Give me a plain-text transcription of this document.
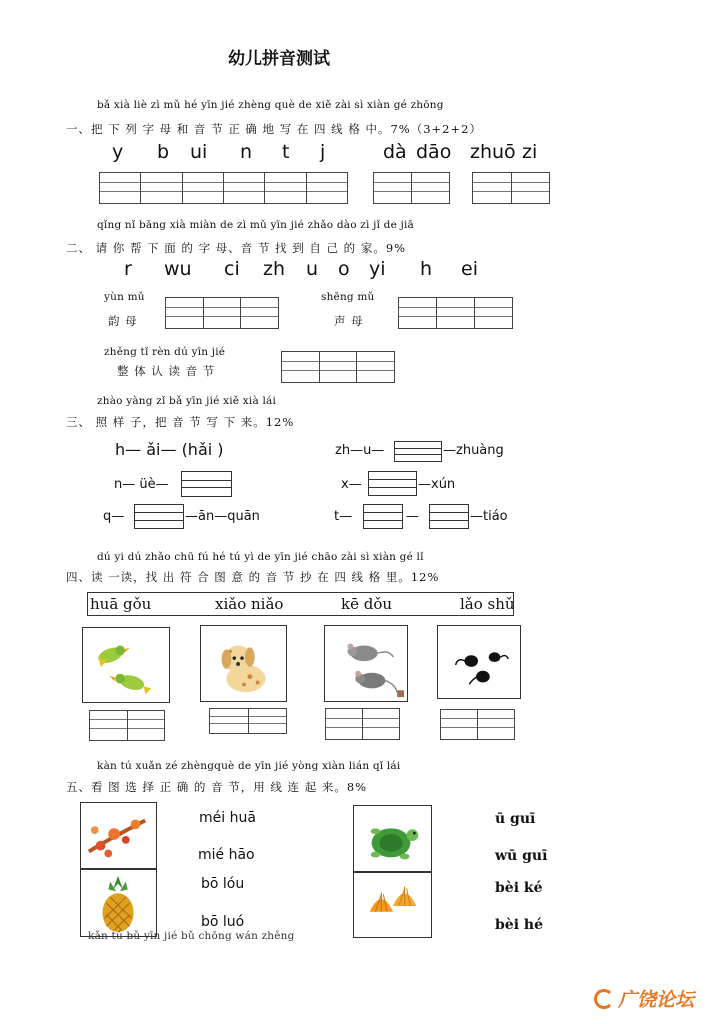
幼儿拼音测试
bǎ xià liè zì mǔ hé yīn jié zhèng què de xiě zài sì xiàn gé zhōng
一、把 下 列 字 母 和 音 节 正 确 地 写 在 四 线 格 中。7%（3+2+2）
y b ui n t j	dà dāo zhuō zi
qǐng nǐ bāng xià miàn de zì mǔ yīn jié zhǎo dào zì jǐ de jiā
二、 请 你 帮 下 面 的 字 母、音 节 找 到 自 己 的 家。9%
r wu ci zh u o yi h ei
yùn mǔ
韵 母
shēng mǔ
声 母
zhěng tǐ rèn dú yīn jié
整 体 认 读 音 节
zhào yàng zǐ bǎ yīn jié xiě xià lái
三、 照 样 子，把 音 节 写 下 来。12%
h— ǎi— (hǎi )	zh—u—	—zhuàng
n— üè—	x—	—xún
q—	—ān—quān	t—	—	—tiáo
dú yi dú zhǎo chū fú hé tú yì de yīn jié chāo zài sì xiàn gé lǐ
四、读 一读，找 出 符 合 图 意 的 音 节 抄 在 四 线 格 里。12%
huā gǒu	xiǎo niǎo	kē dǒu	lǎo shǔ
kàn tú xuǎn zé zhèngquè de yīn jié yòng xiàn lián qǐ lái
五、看 图 选 择 正 确 的 音 节，用 线 连 起 来。8%
méi huā
mié hāo
bō lóu
bō luó
ū guī
wū guī
bèi ké
bèi hé
kǎn tú bǔ yīn jié bǔ chōng wán zhěng
广饶论坛
